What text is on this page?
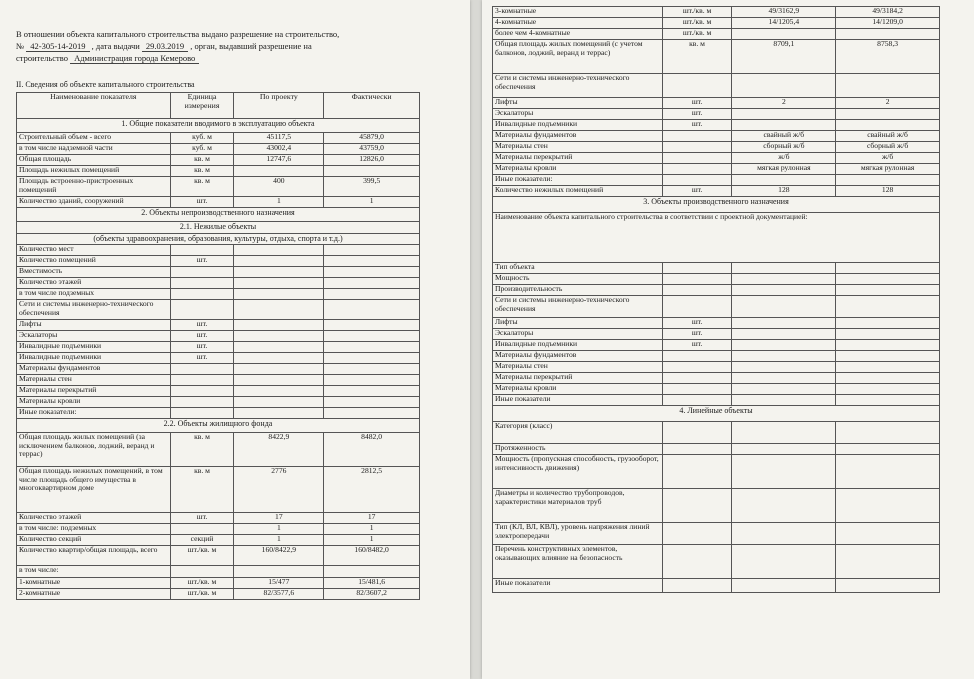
В отношении объекта капитального строительства выдано разрешение на строительство,
№ 42-305-14-2019 , дата выдачи 29.03.2019 , орган, выдавший разрешение на
строительство Администрация города Кемерово
II. Сведения об объекте капитального строительства
Наименование показателя	Единица измерения	По проекту	Фактически
1. Общие показатели вводимого в эксплуатацию объекта			
Строительный объем - всего	куб. м	45117,5	45879,0
в том числе надземной части	куб. м	43002,4	43759,0
Общая площадь	кв. м	12747,6	12826,0
Площадь нежилых помещений	кв. м		
Площадь встроенно-пристроенных помещений	кв. м	400	399,5
Количество зданий, сооружений	шт.	1	1
2. Объекты непроизводственного назначения			
2.1. Нежилые объекты			
(объекты здравоохранения, образования, культуры, отдыха, спорта и т.д.)			
Количество мест			
Количество помещений	шт.		
Вместимость			
Количество этажей			
в том числе подземных			
Сети и системы инженерно-технического обеспечения			
Лифты	шт.		
Эскалаторы	шт.		
Инвалидные подъемники	шт.		
Инвалидные подъемники	шт.		
Материалы фундаментов			
Материалы стен			
Материалы перекрытий			
Материалы кровли			
Иные показатели:			
2.2. Объекты жилищного фонда			
Общая площадь жилых помещений (за исключением балконов, лоджий, веранд и террас)	кв. м	8422,9	8482,0
Общая площадь нежилых помещений, в том числе площадь общего имущества в многоквартирном доме	кв. м	2776	2812,5
Количество этажей	шт.	17	17
в том числе: подземных		1	1
Количество секций	секций	1	1
Количество квартир/общая площадь, всего	шт./кв. м	160/8422,9	160/8482,0
в том числе:			
1-комнатные	шт./кв. м	15/477	15/481,6
2-комнатные	шт./кв. м	82/3577,6	82/3607,2
3-комнатные	шт./кв. м	49/3162,9	49/3184,2
4-комнатные	шт./кв. м	14/1205,4	14/1209,0
более чем 4-комнатные	шт./кв. м		
Общая площадь жилых помещений (с учетом балконов, лоджий, веранд и террас)	кв. м	8709,1	8758,3
Сети и системы инженерно-технического обеспечения			
Лифты	шт.	2	2
Эскалаторы	шт.		
Инвалидные подъемники	шт.		
Материалы фундаментов		свайный ж/б	свайный ж/б
Материалы стен		сборный ж/б	сборный ж/б
Материалы перекрытий		ж/б	ж/б
Материалы кровли		мягкая рулонная	мягкая рулонная
Иные показатели:			
Количество нежилых помещений	шт.	128	128
3. Объекты производственного назначения			
Наименование объекта капитального строительства в соответствии с проектной документацией:			
Тип объекта			
Мощность			
Производительность			
Сети и системы инженерно-технического обеспечения			
Лифты	шт.		
Эскалаторы	шт.		
Инвалидные подъемники	шт.		
Материалы фундаментов			
Материалы стен			
Материалы перекрытий			
Материалы кровли			
Иные показатели			
4. Линейные объекты			
Категория (класс)			
Протяженность			
Мощность (пропускная способность, грузооборот, интенсивность движения)			
Диаметры и количество трубопроводов, характеристики материалов труб			
Тип (КЛ, ВЛ, КВЛ), уровень напряжения линий электропередачи			
Перечень конструктивных элементов, оказывающих влияние на безопасность			
Иные показатели			
